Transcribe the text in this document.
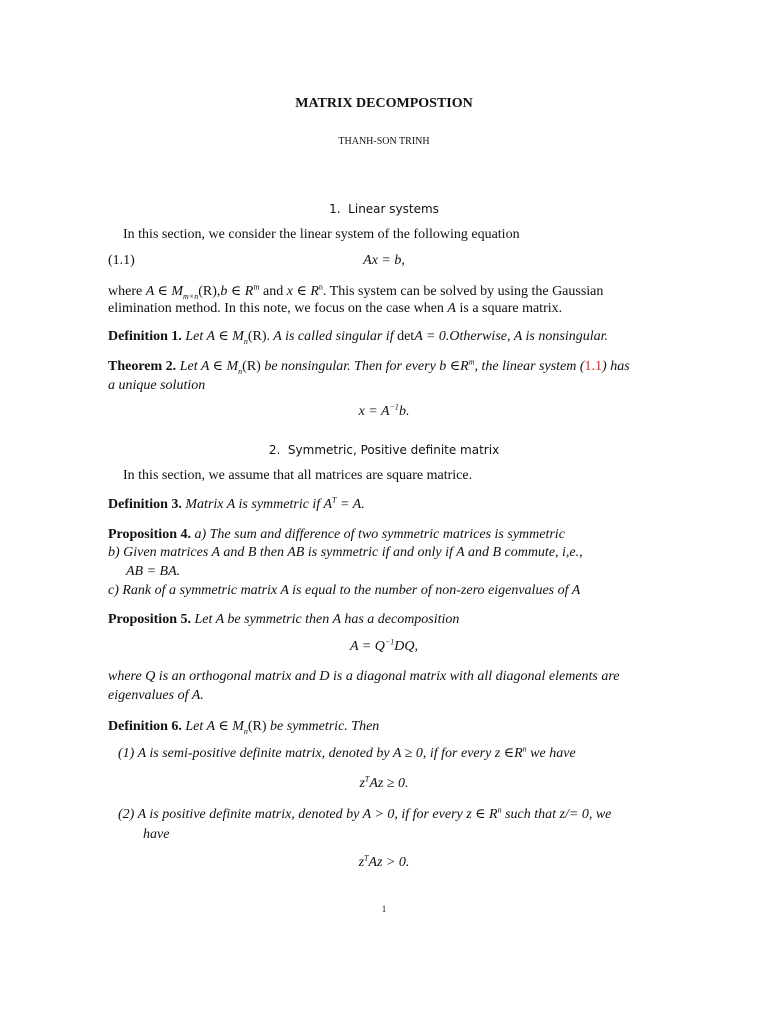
MATRIX DECOMPOSTION
THANH-SON TRINH
1. Linear systems
In this section, we consider the linear system of the following equation
(1.1)	Ax = b,
where A ∈ $M_{m\times n}(R),b$ ∈ $R^m$ and x ∈ $R^n$. This system can be solved by using the Gaussian
elimination method. In this note, we focus on the case when A is a square matrix.
Definition 1. Let A ∈ $M_n(R)$. A is called singular if detA = 0.Otherwise, A is nonsingular.
Theorem 2. Let A ∈ $M_n(R)$ be nonsingular. Then for every b $\in R^m$, the linear system (1.1) has
a unique solution
$x = A^{-1}b$.
2. Symmetric, Positive definite matrix
In this section, we assume that all matrices are square matrice.
Definition 3. Matrix A is symmetric if $A^T = A$.
Proposition 4. a) The sum and difference of two symmetric matrices is symmetric
b) Given matrices A and B then AB is symmetric if and only if A and B commute, i,e.,
AB = BA.
c) Rank of a symmetric matrix A is equal to the number of non-zero eigenvalues of A
Proposition 5. Let A be symmetric then A has a decomposition
$A = Q^{-1}DQ$,
where Q is an orthogonal matrix and D is a diagonal matrix with all diagonal elements are
eigenvalues of A.
Definition 6. Let A ∈ $M_n(R)$ be symmetric. Then
(1) A is semi-positive definite matrix, denoted by A ≥ 0, if for every z $\in R^n$ we have
$z^TAz \ge 0$.
(2) A is positive definite matrix, denoted by A > 0, if for every z ∈ $R^n$ such that z/= 0, we
have
$z^TAz > 0$.
1
